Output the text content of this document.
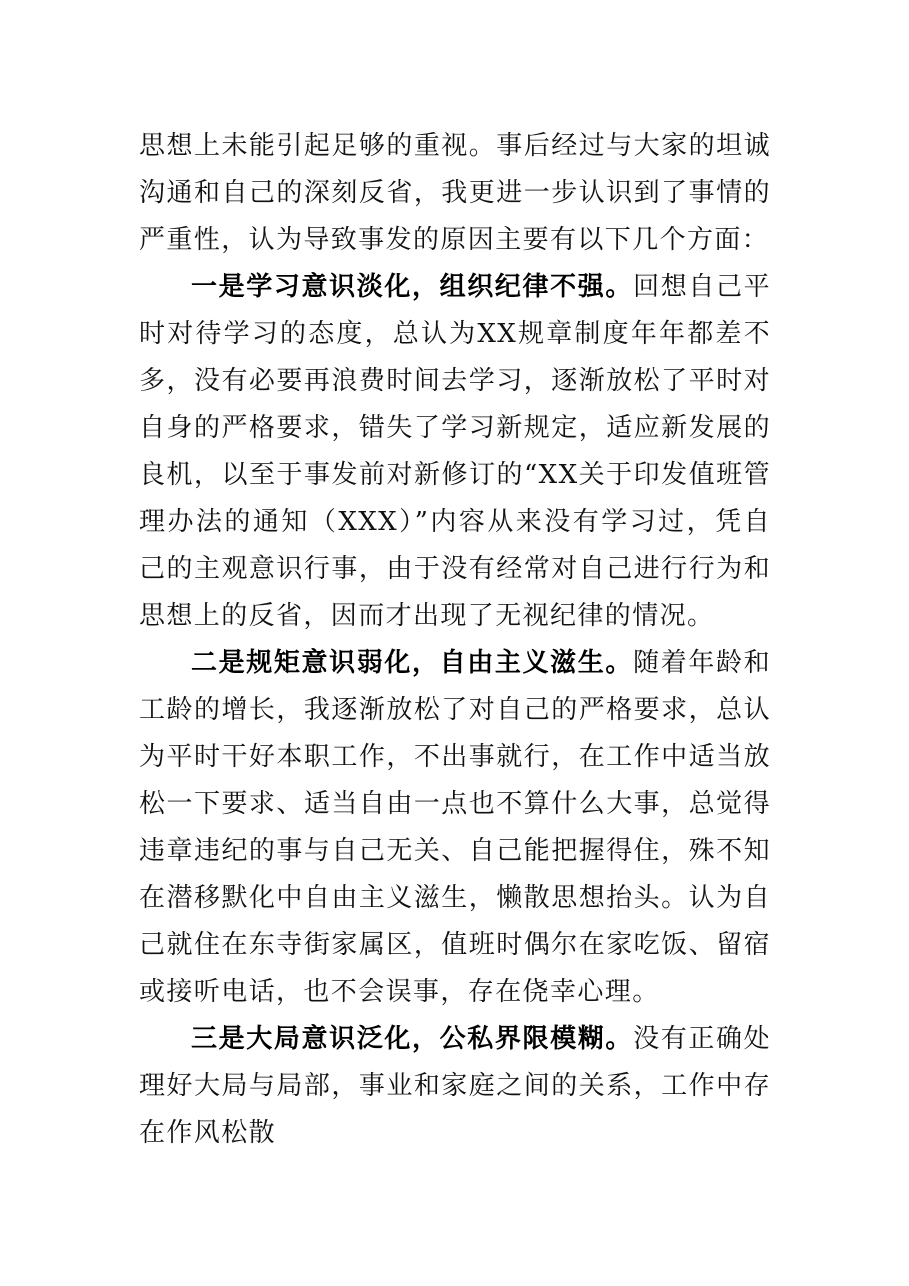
思想上未能引起足够的重视。事后经过与大家的坦诚沟通和自己的深刻反省，我更进一步认识到了事情的严重性，认为导致事发的原因主要有以下几个方面：

一是学习意识淡化，组织纪律不强。回想自己平时对待学习的态度，总认为XX规章制度年年都差不多，没有必要再浪费时间去学习，逐渐放松了平时对自身的严格要求，错失了学习新规定，适应新发展的良机，以至于事发前对新修订的“XX关于印发值班管理办法的通知（XXX）”内容从来没有学习过，凭自己的主观意识行事，由于没有经常对自己进行行为和思想上的反省，因而才出现了无视纪律的情况。

二是规矩意识弱化，自由主义滋生。随着年龄和工龄的增长，我逐渐放松了对自己的严格要求，总认为平时干好本职工作，不出事就行，在工作中适当放松一下要求、适当自由一点也不算什么大事，总觉得违章违纪的事与自己无关、自己能把握得住，殊不知在潜移默化中自由主义滋生，懒散思想抬头。认为自己就住在东寺街家属区，值班时偶尔在家吃饭、留宿或接听电话，也不会误事，存在侥幸心理。

三是大局意识泛化，公私界限模糊。没有正确处理好大局与局部，事业和家庭之间的关系，工作中存在作风松散
